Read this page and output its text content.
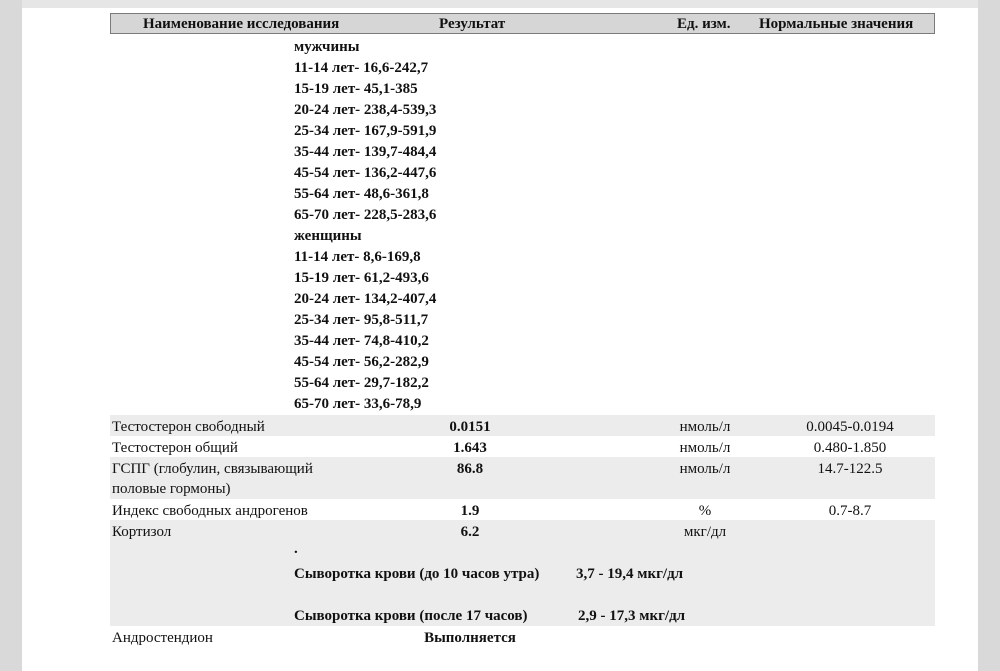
Наименование исследования	Результат	Ед. изм. Нормальные значения
мужчины
11-14 лет- 16,6-242,7
15-19 лет- 45,1-385
20-24 лет- 238,4-539,3
25-34 лет- 167,9-591,9
35-44 лет- 139,7-484,4
45-54 лет- 136,2-447,6
55-64 лет- 48,6-361,8
65-70 лет- 228,5-283,6
женщины
11-14 лет- 8,6-169,8
15-19 лет- 61,2-493,6
20-24 лет- 134,2-407,4
25-34 лет- 95,8-511,7
35-44 лет- 74,8-410,2
45-54 лет- 56,2-282,9
55-64 лет- 29,7-182,2
65-70 лет- 33,6-78,9
Тестостерон свободный	0.0151	нмоль/л	0.0045-0.0194
Тестостерон общий	1.643	нмоль/л	0.480-1.850
ГСПГ (глобулин, связывающий половые гормоны)
86.8	нмоль/л	14.7-122.5
Индекс свободных андрогенов	1.9	%	0.7-8.7
Кортизол	6.2	мкг/дл
.
Сыворотка крови (до 10 часов утра) 3,7 - 19,4 мкг/дл
Сыворотка крови (после 17 часов)	2,9 - 17,3 мкг/дл
Андростендион	Выполняется
